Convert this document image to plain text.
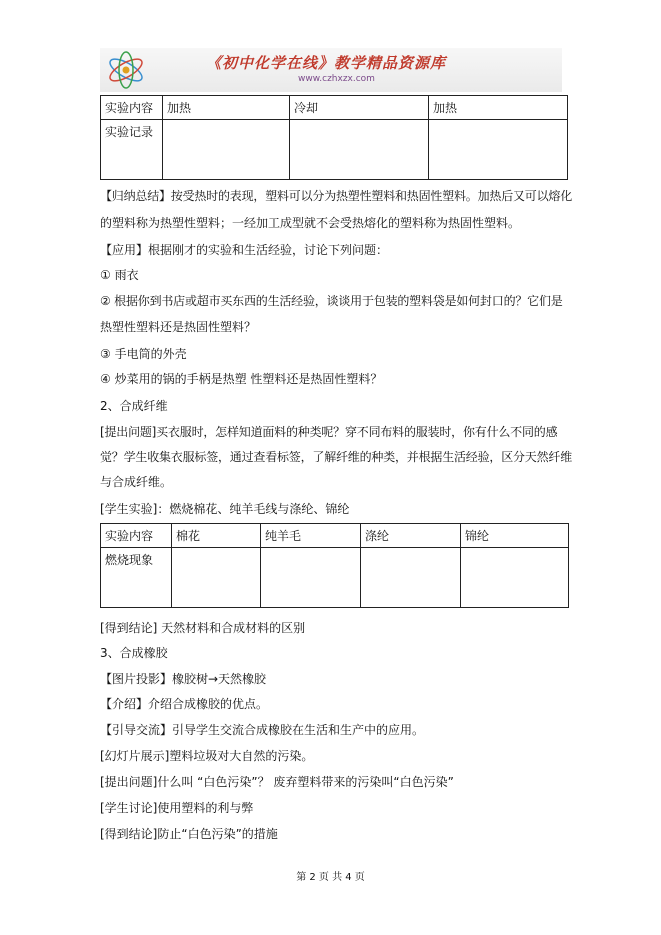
《初中化学在线》教学精品资源库
www.czhxzx.com
实验内容	加热	冷却	加热
实验记录			
【归纳总结】按受热时的表现，塑料可以分为热塑性塑料和热固性塑料。加热后又可以熔化
的塑料称为热塑性塑料；一经加工成型就不会受热熔化的塑料称为热固性塑料。
【应用】根据刚才的实验和生活经验，讨论下列问题：
① 雨衣
② 根据你到书店或超市买东西的生活经验，谈谈用于包装的塑料袋是如何封口的？它们是
热塑性塑料还是热固性塑料？
③ 手电筒的外壳
④ 炒菜用的锅的手柄是热塑 性塑料还是热固性塑料？
2、合成纤维
[提出问题]买衣服时，怎样知道面料的种类呢？穿不同布料的服装时，你有什么不同的感
觉？学生收集衣服标签，通过查看标签，了解纤维的种类，并根据生活经验，区分天然纤维
与合成纤维。
[学生实验]：燃烧棉花、纯羊毛线与涤纶、锦纶
实验内容	棉花	纯羊毛	涤纶	锦纶
燃烧现象				
[得到结论] 天然材料和合成材料的区别
3、合成橡胶
【图片投影】橡胶树→天然橡胶
【介绍】介绍合成橡胶的优点。
【引导交流】引导学生交流合成橡胶在生活和生产中的应用。
[幻灯片展示]塑料垃圾对大自然的污染。
[提出问题]什么叫 “白色污染”？ 废弃塑料带来的污染叫“白色污染”
[学生讨论]使用塑料的利与弊
[得到结论]防止“白色污染”的措施
第 2 页 共 4 页
